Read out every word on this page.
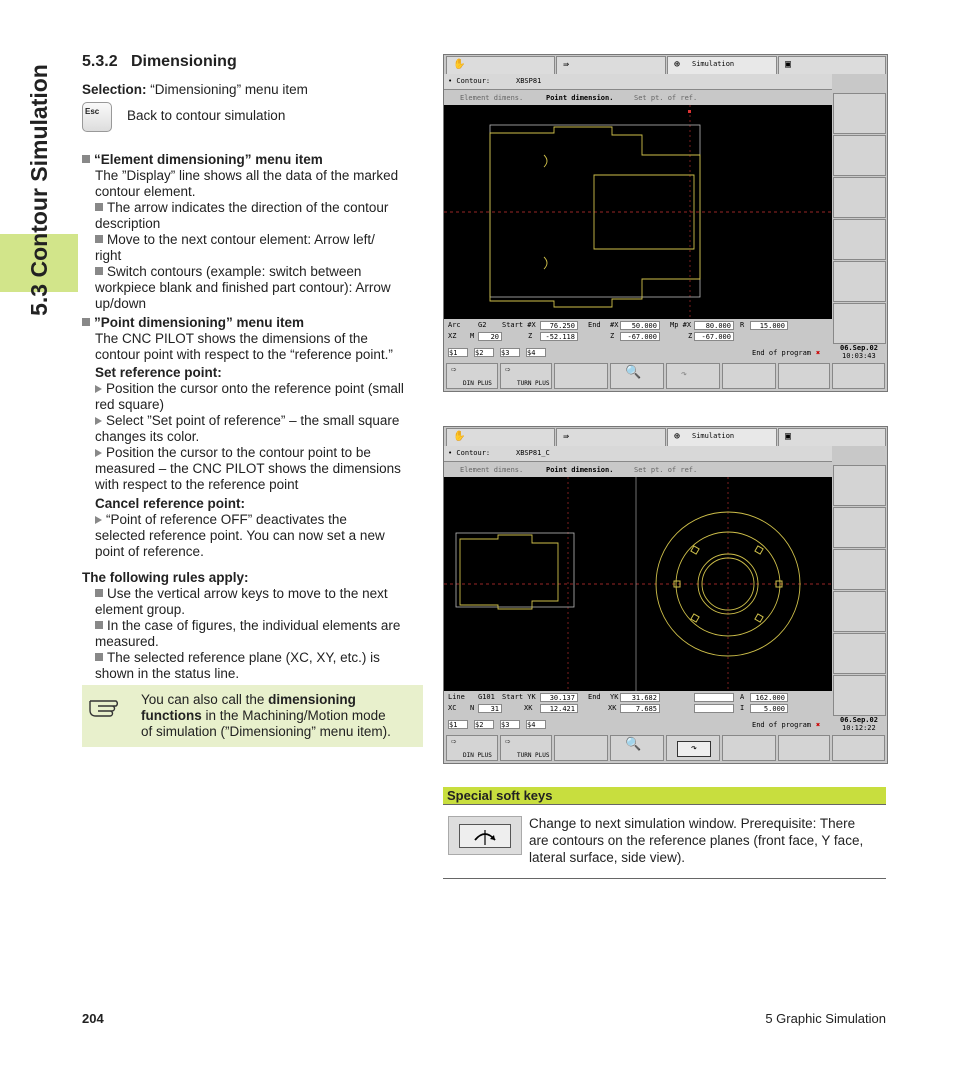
5.3 Contour Simulation
5.3.2 Dimensioning
Selection: “Dimensioning” menu item
Esc Back to contour simulation
“Element dimensioning” menu item
The ”Display” line shows all the data of the marked
contour element.
The arrow indicates the direction of the contour
description
Move to the next contour element: Arrow left/
right
Switch contours (example: switch between
workpiece blank and finished part contour): Arrow
up/down
”Point dimensioning” menu item
The CNC PILOT shows the dimensions of the
contour point with respect to the “reference point.”
Set reference point:
Position the cursor onto the reference point (small
red square)
Select ”Set point of reference” – the small square
changes its color.
Position the cursor to the contour point to be
measured – the CNC PILOT shows the dimensions
with respect to the reference point
Cancel reference point:
“Point of reference OFF” deactivates the
selected reference point. You can now set a new
point of reference.
The following rules apply:
Use the vertical arrow keys to move to the next
element group.
In the case of figures, the individual elements are
measured.
The selected reference plane (XC, XY, etc.) is
shown in the status line.
You can also call the dimensioning
functions in the Machining/Motion mode
of simulation (”Dimensioning” menu item).
✋	⇛	⊕ Simulation	▣
• Contour:	XBSP81
Element dimens.	Point dimension.	Set pt. of ref.
Arc G2 Start #X	76.250	End #X	50.000	Mp #X	80.000	R	15.000
XZ M	20	Z	-52.118	Z	-67.000	Z	-67.000
$1	$2	$3	$4	End of program ✖
06.Sep.02
10:03:43
⇨
DIN PLUS
⇨
TURN PLUS
🔍	↷
✋	⇛	⊕ Simulation	▣
• Contour:	XBSP81_C
Element dimens.	Point dimension.	Set pt. of ref.
Line G101 Start YK	30.137	End YK	31.682	A	162.000
XC N	31	XK	12.421	XK	7.685	I	5.000
$1	$2	$3	$4	End of program ✖
06.Sep.02
10:12:22
⇨
DIN PLUS
⇨
TURN PLUS
🔍	↷
Special soft keys
Change to next simulation window. Prerequisite: There
are contours on the reference planes (front face, Y face,
lateral surface, side view).
204	5 Graphic Simulation
